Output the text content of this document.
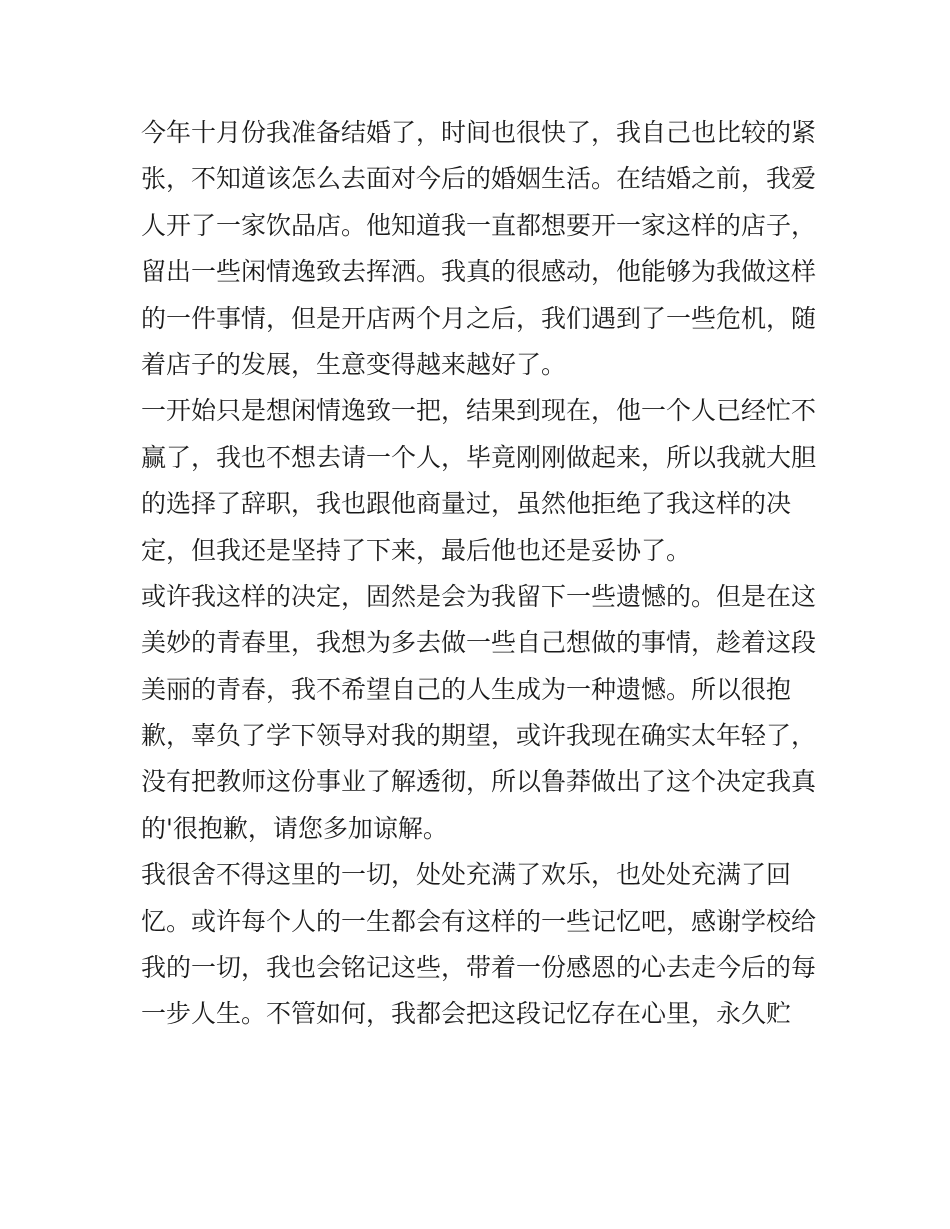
今年十月份我准备结婚了，时间也很快了，我自己也比较的紧
张，不知道该怎么去面对今后的婚姻生活。在结婚之前，我爱
人开了一家饮品店。他知道我一直都想要开一家这样的店子，
留出一些闲情逸致去挥洒。我真的很感动，他能够为我做这样
的一件事情，但是开店两个月之后，我们遇到了一些危机，随
着店子的发展，生意变得越来越好了。
一开始只是想闲情逸致一把，结果到现在，他一个人已经忙不
赢了，我也不想去请一个人，毕竟刚刚做起来，所以我就大胆
的选择了辞职，我也跟他商量过，虽然他拒绝了我这样的决
定，但我还是坚持了下来，最后他也还是妥协了。
或许我这样的决定，固然是会为我留下一些遗憾的。但是在这
美妙的青春里，我想为多去做一些自己想做的事情，趁着这段
美丽的青春，我不希望自己的人生成为一种遗憾。所以很抱
歉，辜负了学下领导对我的期望，或许我现在确实太年轻了，
没有把教师这份事业了解透彻，所以鲁莽做出了这个决定我真
的'很抱歉，请您多加谅解。
我很舍不得这里的一切，处处充满了欢乐，也处处充满了回
忆。或许每个人的一生都会有这样的一些记忆吧，感谢学校给
我的一切，我也会铭记这些，带着一份感恩的心去走今后的每
一步人生。不管如何，我都会把这段记忆存在心里，永久贮
